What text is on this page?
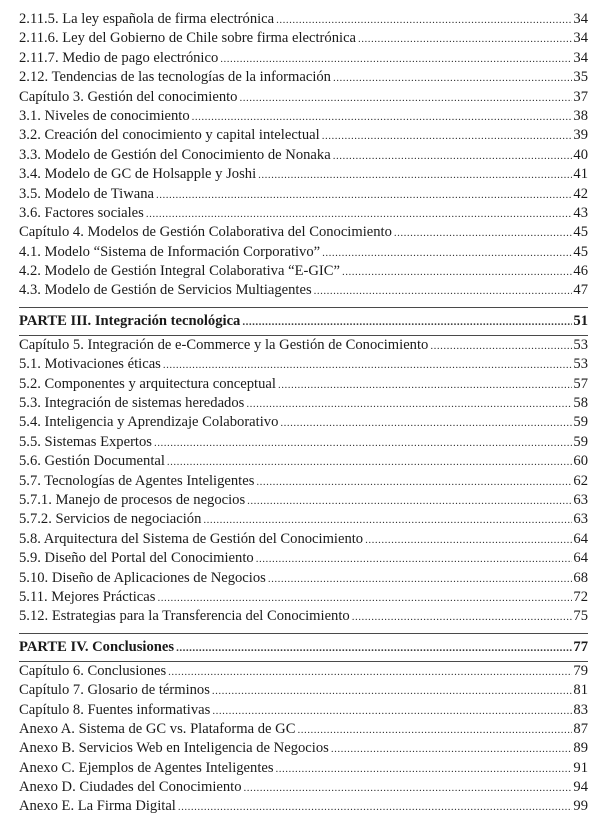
2.11.5. La ley española de firma electrónica .....	34
2.11.6. Ley del Gobierno de Chile sobre firma electrónica .....	34
2.11.7. Medio de pago electrónico .....	34
2.12. Tendencias de las tecnologías de la información .....	35
Capítulo 3. Gestión del conocimiento .....	37
3.1. Niveles de conocimiento .....	38
3.2. Creación del conocimiento y capital intelectual .....	39
3.3. Modelo de Gestión del Conocimiento de Nonaka .....	40
3.4. Modelo de GC de Holsapple y Joshi .....	41
3.5. Modelo de Tiwana .....	42
3.6. Factores sociales .....	43
Capítulo 4. Modelos de Gestión Colaborativa del Conocimiento .....	45
4.1. Modelo “Sistema de Información Corporativo” .....	45
4.2. Modelo de Gestión Integral Colaborativa “E-GIC” .....	46
4.3. Modelo de Gestión de Servicios Multiagentes .....	47
PARTE III. Integración tecnológica .....	51
Capítulo 5. Integración de e-Commerce y la Gestión de Conocimiento .....	53
5.1. Motivaciones éticas .....	53
5.2. Componentes y arquitectura conceptual .....	57
5.3. Integración de sistemas heredados .....	58
5.4. Inteligencia y Aprendizaje Colaborativo .....	59
5.5. Sistemas Expertos .....	59
5.6. Gestión Documental .....	60
5.7. Tecnologías de Agentes Inteligentes .....	62
5.7.1. Manejo de procesos de negocios .....	63
5.7.2. Servicios de negociación .....	63
5.8. Arquitectura del Sistema de Gestión del Conocimiento .....	64
5.9. Diseño del Portal del Conocimiento .....	64
5.10. Diseño de Aplicaciones de Negocios .....	68
5.11. Mejores Prácticas .....	72
5.12. Estrategias para la Transferencia del Conocimiento .....	75
PARTE IV. Conclusiones .....	77
Capítulo 6. Conclusiones .....	79
Capítulo 7. Glosario de términos .....	81
Capítulo 8. Fuentes informativas .....	83
Anexo A. Sistema de GC vs. Plataforma de GC .....	87
Anexo B. Servicios Web en Inteligencia de Negocios .....	89
Anexo C. Ejemplos de Agentes Inteligentes .....	91
Anexo D. Ciudades del Conocimiento .....	94
Anexo E. La Firma Digital .....	99
